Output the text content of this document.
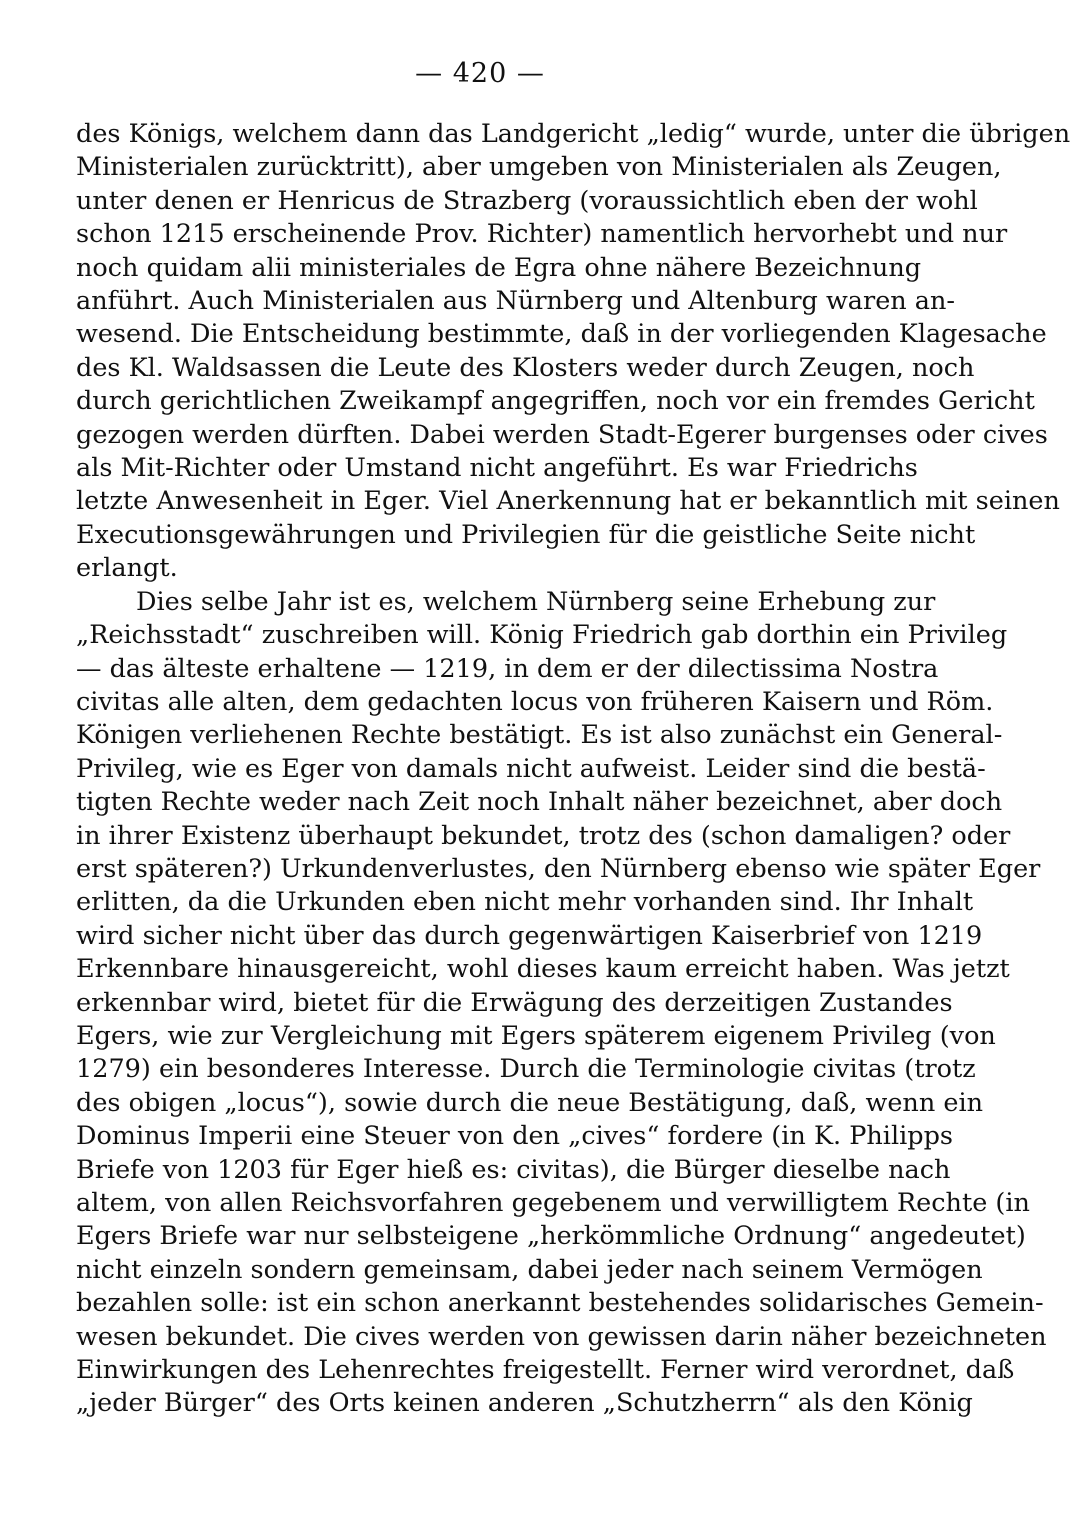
— 420 —
des Königs, welchem dann das Landgericht „ledig“ wurde, unter die übrigen
Ministerialen zurücktritt), aber umgeben von Ministerialen als Zeugen,
unter denen er Henricus de Strazberg (voraussichtlich eben der wohl
schon 1215 erscheinende Prov. Richter) namentlich hervorhebt und nur
noch quidam alii ministeriales de Egra ohne nähere Bezeichnung
anführt. Auch Ministerialen aus Nürnberg und Altenburg waren an-
wesend. Die Entscheidung bestimmte, daß in der vorliegenden Klagesache
des Kl. Waldsassen die Leute des Klosters weder durch Zeugen, noch
durch gerichtlichen Zweikampf angegriffen, noch vor ein fremdes Gericht
gezogen werden dürften. Dabei werden Stadt-Egerer burgenses oder cives
als Mit-Richter oder Umstand nicht angeführt. Es war Friedrichs
letzte Anwesenheit in Eger. Viel Anerkennung hat er bekanntlich mit seinen
Executionsgewährungen und Privilegien für die geistliche Seite nicht
erlangt.
Dies selbe Jahr ist es, welchem Nürnberg seine Erhebung zur
„Reichsstadt“ zuschreiben will. König Friedrich gab dorthin ein Privileg
— das älteste erhaltene — 1219, in dem er der dilectissima Nostra
civitas alle alten, dem gedachten locus von früheren Kaisern und Röm.
Königen verliehenen Rechte bestätigt. Es ist also zunächst ein General-
Privileg, wie es Eger von damals nicht aufweist. Leider sind die bestä-
tigten Rechte weder nach Zeit noch Inhalt näher bezeichnet, aber doch
in ihrer Existenz überhaupt bekundet, trotz des (schon damaligen? oder
erst späteren?) Urkundenverlustes, den Nürnberg ebenso wie später Eger
erlitten, da die Urkunden eben nicht mehr vorhanden sind. Ihr Inhalt
wird sicher nicht über das durch gegenwärtigen Kaiserbrief von 1219
Erkennbare hinausgereicht, wohl dieses kaum erreicht haben. Was jetzt
erkennbar wird, bietet für die Erwägung des derzeitigen Zustandes
Egers, wie zur Vergleichung mit Egers späterem eigenem Privileg (von
1279) ein besonderes Interesse. Durch die Terminologie civitas (trotz
des obigen „locus“), sowie durch die neue Bestätigung, daß, wenn ein
Dominus Imperii eine Steuer von den „cives“ fordere (in K. Philipps
Briefe von 1203 für Eger hieß es: civitas), die Bürger dieselbe nach
altem, von allen Reichsvorfahren gegebenem und verwilligtem Rechte (in
Egers Briefe war nur selbsteigene „herkömmliche Ordnung“ angedeutet)
nicht einzeln sondern gemeinsam, dabei jeder nach seinem Vermögen
bezahlen solle: ist ein schon anerkannt bestehendes solidarisches Gemein-
wesen bekundet. Die cives werden von gewissen darin näher bezeichneten
Einwirkungen des Lehenrechtes freigestellt. Ferner wird verordnet, daß
„jeder Bürger“ des Orts keinen anderen „Schutzherrn“ als den König
